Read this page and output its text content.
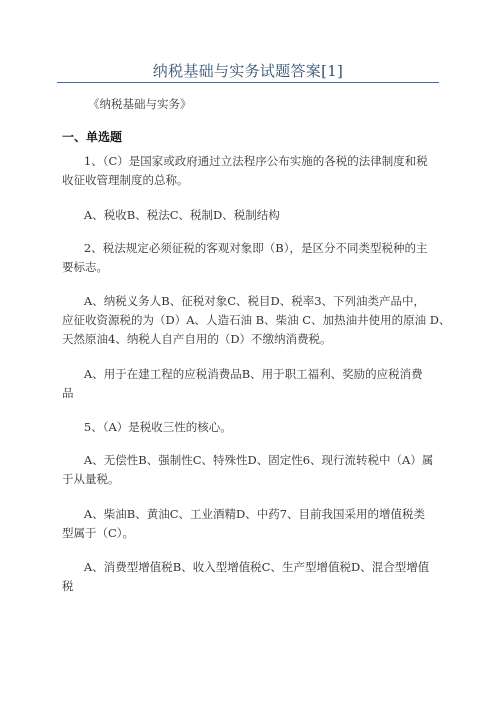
纳税基础与实务试题答案[1]
《纳税基础与实务》
一、单选题

1、（C）是国家或政府通过立法程序公布实施的各税的法律制度和税
收征收管理制度的总称。

A、税收B、税法C、税制D、税制结构

2、税法规定必须征税的客观对象即（B），是区分不同类型税种的主
要标志。

A、纳税义务人B、征税对象C、税目D、税率3、下列油类产品中，
应征收资源税的为（D）A、人造石油 B、柴油 C、加热油井使用的原油 D、
天然原油4、纳税人自产自用的（D）不缴纳消费税。

A、用于在建工程的应税消费品B、用于职工福利、奖励的应税消费
品

5、（A）是税收三性的核心。

A、无偿性B、强制性C、特殊性D、固定性6、现行流转税中（A）属
于从量税。

A、柴油B、黄油C、工业酒精D、中药7、目前我国采用的增值税类
型属于（C）。

A、消费型增值税B、收入型增值税C、生产型增值税D、混合型增值
税
